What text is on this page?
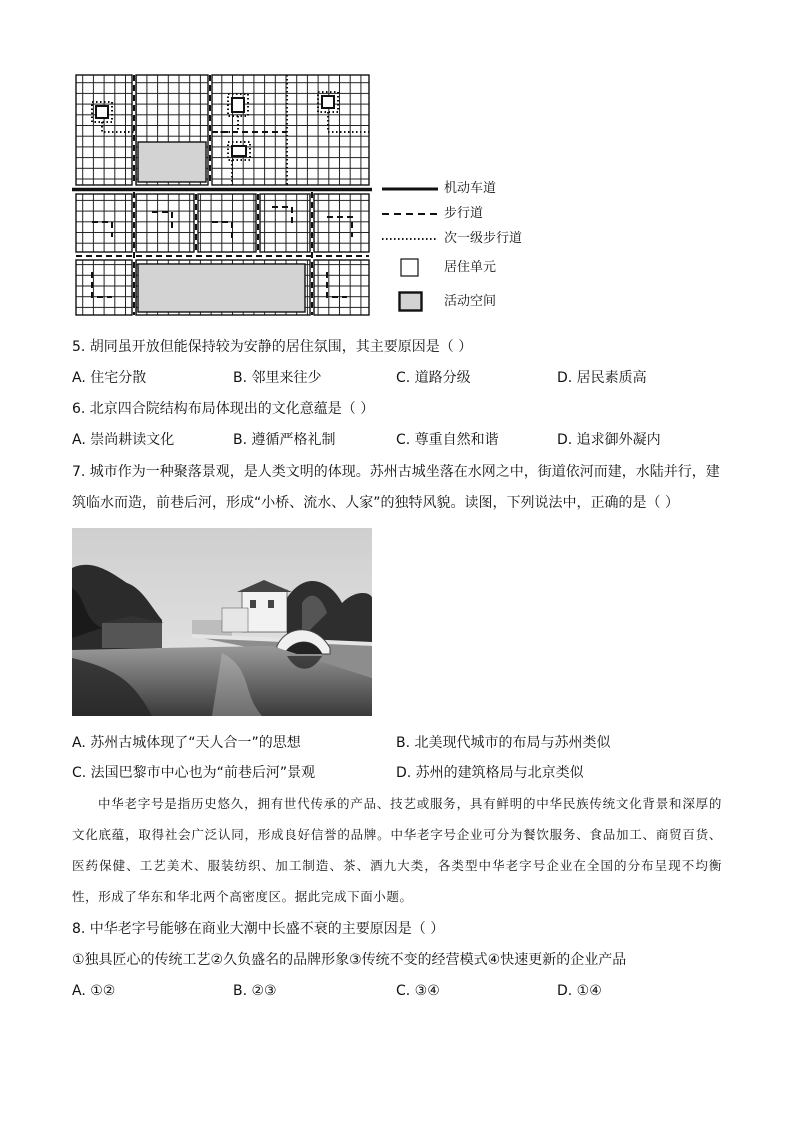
机动车道
步行道
次一级步行道
居住单元
活动空间
5. 胡同虽开放但能保持较为安静的居住氛围，其主要原因是（ ）
A. 住宅分散	B. 邻里来往少	C. 道路分级	D. 居民素质高
6. 北京四合院结构布局体现出的文化意蕴是（ ）
A. 崇尚耕读文化	B. 遵循严格礼制	C. 尊重自然和谐	D. 追求御外凝内
7. 城市作为一种聚落景观，是人类文明的体现。苏州古城坐落在水网之中，街道依河而建，水陆并行，建
筑临水而造，前巷后河，形成“小桥、流水、人家”的独特风貌。读图，下列说法中，正确的是（ ）
A. 苏州古城体现了“天人合一”的思想	B. 北美现代城市的布局与苏州类似
C. 法国巴黎市中心也为“前巷后河”景观	D. 苏州的建筑格局与北京类似
中华老字号是指历史悠久，拥有世代传承的产品、技艺或服务，具有鲜明的中华民族传统文化背景和深厚的文化底蕴，取得社会广泛认同，形成良好信誉的品牌。中华老字号企业可分为餐饮服务、食品加工、商贸百货、医药保健、工艺美术、服装纺织、加工制造、茶、酒九大类，各类型中华老字号企业在全国的分布呈现不均衡性，形成了华东和华北两个高密度区。据此完成下面小题。
8. 中华老字号能够在商业大潮中长盛不衰的主要原因是（ ）
①独具匠心的传统工艺②久负盛名的品牌形象③传统不变的经营模式④快速更新的企业产品
A. ①②	B. ②③	C. ③④	D. ①④
